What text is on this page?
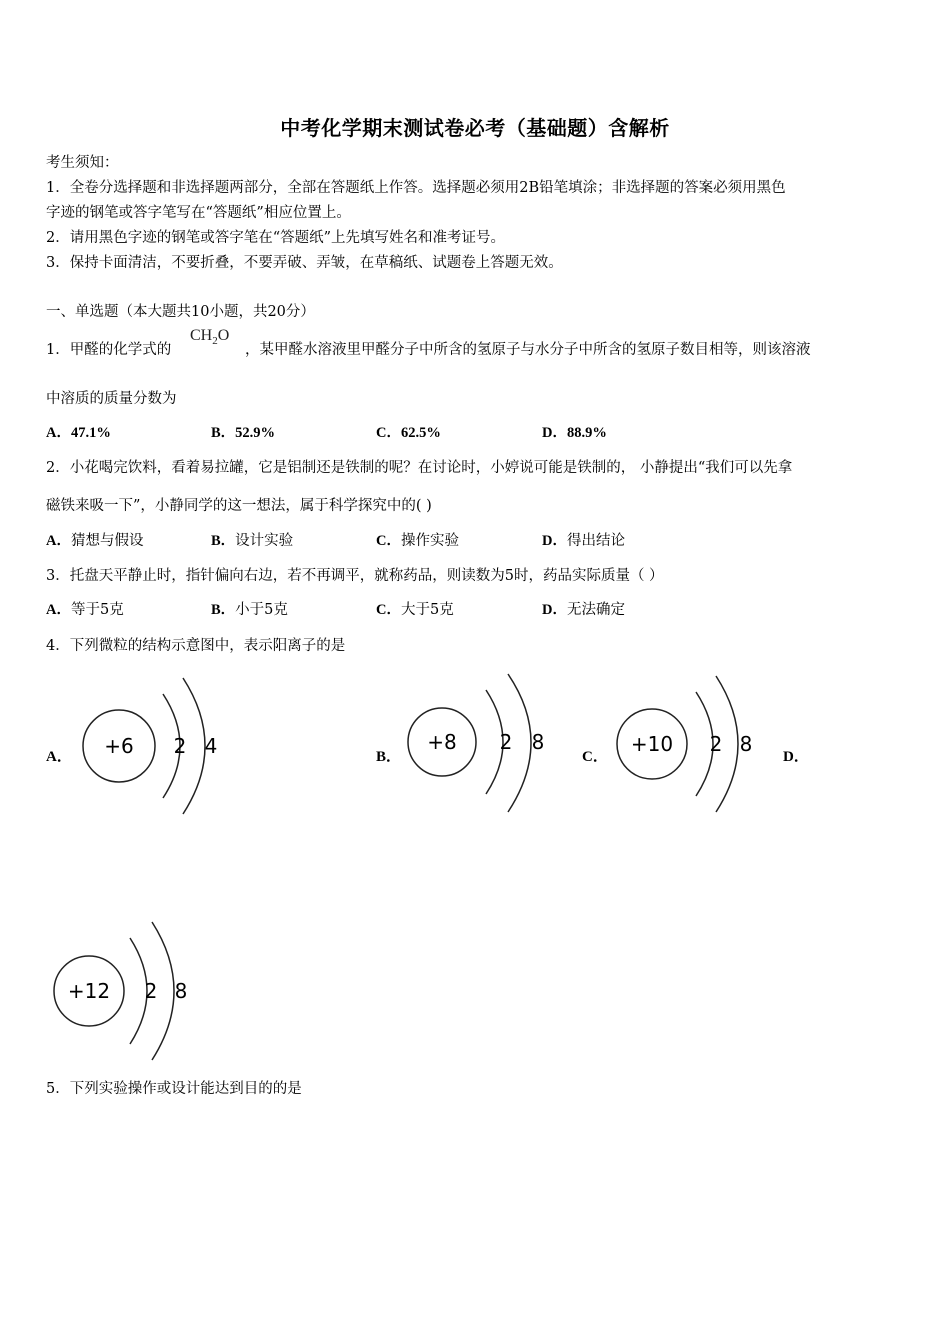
中考化学期末测试卷必考（基础题）含解析
考生须知：
1．全卷分选择题和非选择题两部分，全部在答题纸上作答。选择题必须用2B铅笔填涂；非选择题的答案必须用黑色
字迹的钢笔或答字笔写在“答题纸”相应位置上。
2．请用黑色字迹的钢笔或答字笔在“答题纸”上先填写姓名和准考证号。
3．保持卡面清洁，不要折叠，不要弄破、弄皱，在草稿纸、试题卷上答题无效。
一、单选题（本大题共10小题，共20分）
1．甲醛的化学式的
$CH_2O$
，某甲醛水溶液里甲醛分子中所含的氢原子与水分子中所含的氢原子数目相等，则该溶液
中溶质的质量分数为
A．47.1%	B．52.9%	C．62.5%	D．88.9%
2．小花喝完饮料，看着易拉罐，它是铝制还是铁制的呢？在讨论时，小婷说可能是铁制的， 小静提出“我们可以先拿
磁铁来吸一下”，小静同学的这一想法，属于科学探究中的( )
A．猜想与假设	B．设计实验	C．操作实验	D．得出结论
3．托盘天平静止时，指针偏向右边，若不再调平，就称药品，则读数为5时，药品实际质量（ ）
A．等于5克	B．小于5克	C．大于5克	D．无法确定
4．下列微粒的结构示意图中，表示阳离子的是
A． +6 2 4	B．
+8 2 8
C．
+10 2 8
D．
+12 2 8
5．下列实验操作或设计能达到目的的是
